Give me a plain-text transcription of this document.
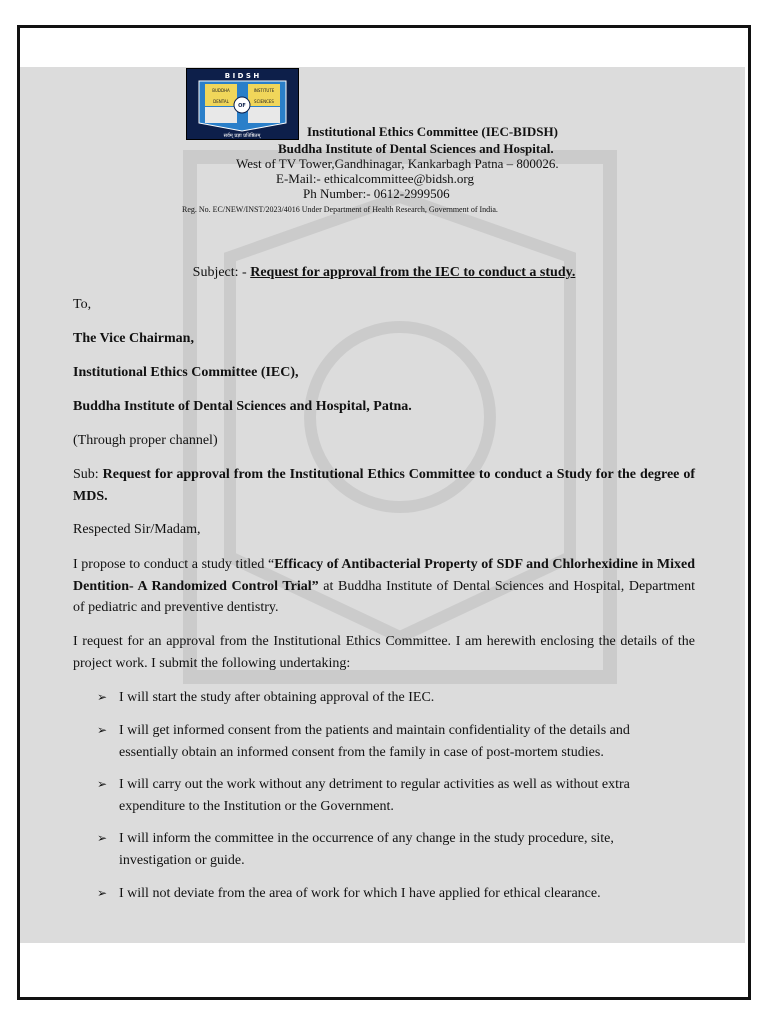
B I D S H
BUDDHA	INSTITUTE
DENTAL	SCIENCES
OF
सर्वम् प्रज्ञा प्रतिष्ठितम्	Institutional Ethics Committee (IEC-BIDSH)
Buddha Institute of Dental Sciences and Hospital.
West of TV Tower,Gandhinagar, Kankarbagh Patna – 800026.
E-Mail:- ethicalcommittee@bidsh.org
Ph Number:- 0612-2999506
Reg. No. EC/NEW/INST/2023/4016 Under Department of Health Research, Government of India.
Subject: - Request for approval from the IEC to conduct a study.
To,
The Vice Chairman,
Institutional Ethics Committee (IEC),
Buddha Institute of Dental Sciences and Hospital, Patna.
(Through proper channel)
Sub: Request for approval from the Institutional Ethics Committee to conduct a Study for the degree of MDS.
Respected Sir/Madam,
I propose to conduct a study titled “Efficacy of Antibacterial Property of SDF and Chlorhexidine in Mixed Dentition- A Randomized Control Trial” at Buddha Institute of Dental Sciences and Hospital, Department of pediatric and preventive dentistry.
I request for an approval from the Institutional Ethics Committee. I am herewith enclosing the details of the project work. I submit the following undertaking:
➢ I will start the study after obtaining approval of the IEC.
➢ I will get informed consent from the patients and maintain confidentiality of the details and essentially obtain an informed consent from the family in case of post-mortem studies.
➢ I will carry out the work without any detriment to regular activities as well as without extra expenditure to the Institution or the Government.
➢ I will inform the committee in the occurrence of any change in the study procedure, site, investigation or guide.
➢ I will not deviate from the area of work for which I have applied for ethical clearance.
